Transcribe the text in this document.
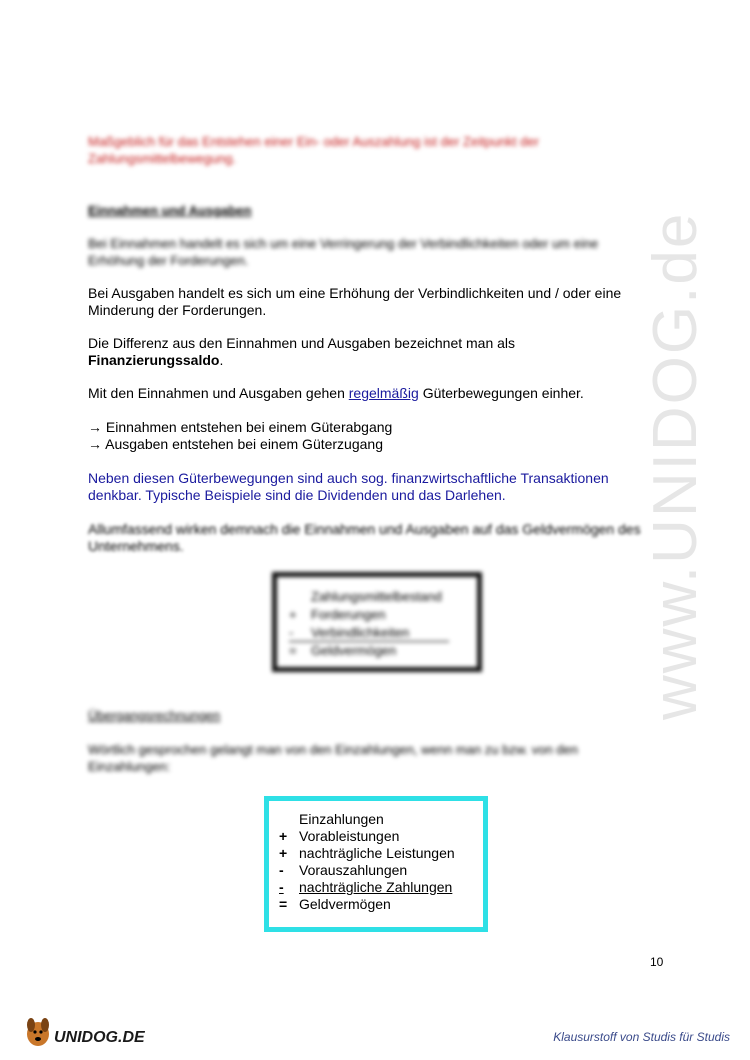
www.UNIDOG.de

Maßgeblich für das Entstehen einer Ein- oder Auszahlung ist der Zeitpunkt der Zahlungsmittelbewegung.

Einnahmen und Ausgaben

Bei Einnahmen handelt es sich um eine Verringerung der Verbindlichkeiten oder um eine Erhöhung der Forderungen.

Bei Ausgaben handelt es sich um eine Erhöhung der Verbindlichkeiten und / oder eine Minderung der Forderungen.

Die Differenz aus den Einnahmen und Ausgaben bezeichnet man als
Finanzierungssaldo.

Mit den Einnahmen und Ausgaben gehen regelmäßig Güterbewegungen einher.

→ Einnahmen entstehen bei einem Güterabgang

→ Ausgaben entstehen bei einem Güterzugang

Neben diesen Güterbewegungen sind auch sog. finanzwirtschaftliche Transaktionen denkbar. Typische Beispiele sind die Dividenden und das Darlehen.

Allumfassend wirken demnach die Einnahmen und Ausgaben auf das Geldvermögen des Unternehmens.

Zahlungsmittelbestand
+ Forderungen
- Verbindlichkeiten
= Geldvermögen

Übergangsrechnungen

Wörtlich gesprochen gelangt man von den Einzahlungen, wenn man zu bzw. von den Einzahlungen:

Einzahlungen
+ Vorableistungen
+ nachträgliche Leistungen
- Vorauszahlungen
- nachträgliche Zahlungen
= Geldvermögen
10
UNIDOG.DE	Klausurstoff von Studis für Studis
